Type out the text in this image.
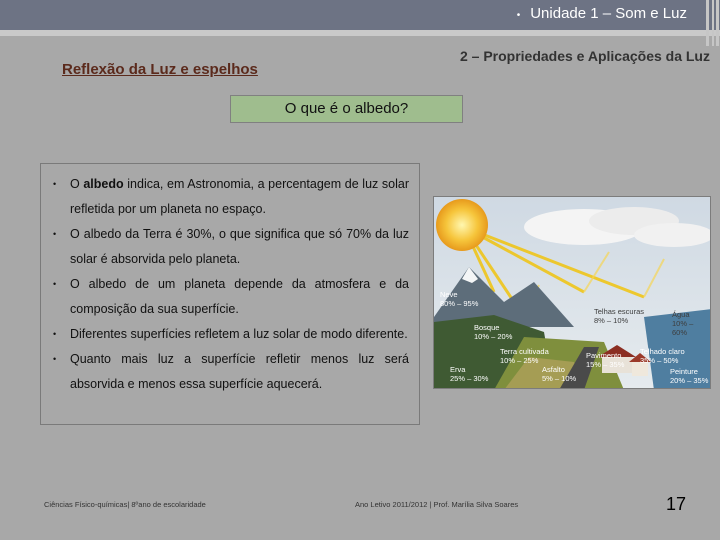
• Unidade 1 – Som e Luz
2 – Propriedades e Aplicações da Luz
Reflexão da Luz e espelhos
O que é o albedo?
• O albedo indica, em Astronomia, a percentagem de luz solar refletida por um planeta no espaço.
• O albedo da Terra é 30%, o que significa que só 70% da luz solar é absorvida pelo planeta.
• O albedo de um planeta depende da atmosfera e da composição da sua superfície.
• Diferentes superfícies refletem a luz solar de modo diferente.
• Quanto mais luz a superfície refletir menos luz será absorvida e menos essa superfície aquecerá.
Neve
80% – 95%
Telhas escuras
8% – 10%
Água
10% – 60%
Bosque
10% – 20%
Terra cultivada
10% – 25%
Pavimento
15% – 35%
Telhado claro
35% – 50%
Erva
25% – 30%
Asfalto
5% – 10%
Peinture
20% – 35%
Ciências Físico-químicas| 8ºano de escolaridade	Ano Letivo 2011/2012 | Prof. Marília Silva Soares	17
